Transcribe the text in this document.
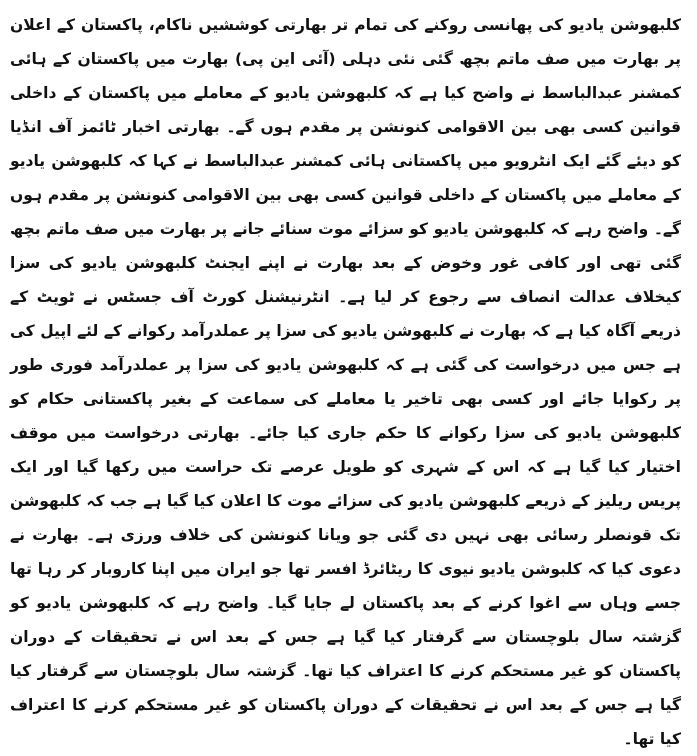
کلبھوشن یادیو کی پھانسی روکنے کی تمام تر بھارتی کوششیں ناکام، پاکستان کے اعلان پر بھارت میں صف ماتم بچھ گئی نئی دہلی (آئی این پی) بھارت میں پاکستان کے ہائی کمشنر عبدالباسط نے واضح کیا ہے کہ کلبھوشن یادیو کے معاملے میں پاکستان کے داخلی قوانین کسی بھی بین الاقوامی کنونشن پر مقدم ہوں گے۔ بھارتی اخبار ٹائمز آف انڈیا کو دیئے گئے ایک انٹرویو میں پاکستانی ہائی کمشنر عبدالباسط نے کہا کہ کلبھوشن یادیو کے معاملے میں پاکستان کے داخلی قوانین کسی بھی بین الاقوامی کنونشن پر مقدم ہوں گے۔ واضح رہے کہ کلبھوشن یادیو کو سزائے موت سنائے جانے پر بھارت میں صف ماتم بچھ گئی تھی اور کافی غور وخوض کے بعد بھارت نے اپنے ایجنٹ کلبھوشن یادیو کی سزا کیخلاف عدالت انصاف سے رجوع کر لیا ہے۔ انٹرنیشنل کورٹ آف جسٹس نے ٹویٹ کے ذریعے آگاہ کیا ہے کہ بھارت نے کلبھوشن یادیو کی سزا پر عملدرآمد رکوانے کے لئے اپیل کی ہے جس میں درخواست کی گئی ہے کہ کلبھوشن یادیو کی سزا پر عملدرآمد فوری طور پر رکوایا جائے اور کسی بھی تاخیر یا معاملے کی سماعت کے بغیر پاکستانی حکام کو کلبھوشن یادیو کی سزا رکوانے کا حکم جاری کیا جائے۔ بھارتی درخواست میں موقف اختیار کیا گیا ہے کہ اس کے شہری کو طویل عرصے تک حراست میں رکھا گیا اور ایک پریس ریلیز کے ذریعے کلبھوشن یادیو کی سزائے موت کا اعلان کیا گیا ہے جب کہ کلبھوشن تک قونصلر رسائی بھی نہیں دی گئی جو ویانا کنونشن کی خلاف ورزی ہے۔ بھارت نے دعوی کیا کہ کلبوشن یادیو نیوی کا ریٹائرڈ افسر تھا جو ایران میں اپنا کاروبار کر رہا تھا جسے وہاں سے اغوا کرنے کے بعد پاکستان لے جایا گیا۔ واضح رہے کہ کلبھوشن یادیو کو گزشتہ سال بلوچستان سے گرفتار کیا گیا ہے جس کے بعد اس نے تحقیقات کے دوران پاکستان کو غیر مستحکم کرنے کا اعتراف کیا تھا۔ گزشتہ سال بلوچستان سے گرفتار کیا گیا ہے جس کے بعد اس نے تحقیقات کے دوران پاکستان کو غیر مستحکم کرنے کا اعتراف کیا تھا۔
